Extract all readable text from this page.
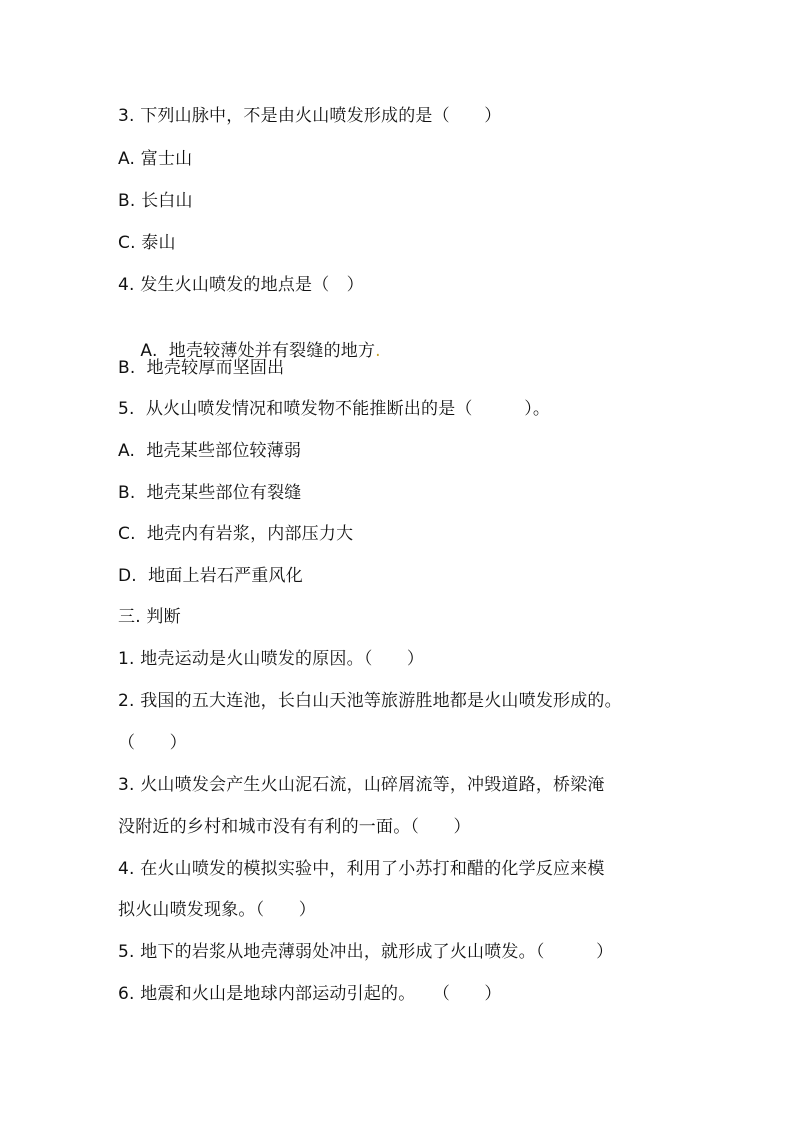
3. 下列山脉中，不是由火山喷发形成的是（　　）
A. 富士山
B. 长白山
C. 泰山
4. 发生火山喷发的地点是（　）

A.  地壳较薄处并有裂缝的地方.

B.  地壳较厚而坚固出
5.  从火山喷发情况和喷发物不能推断出的是（　　　）。
A.  地壳某些部位较薄弱
B.  地壳某些部位有裂缝
C.  地壳内有岩浆，内部压力大
D.  地面上岩石严重风化
三. 判断
1. 地壳运动是火山喷发的原因。（　　）
2. 我国的五大连池，长白山天池等旅游胜地都是火山喷发形成的。
（　　）
3. 火山喷发会产生火山泥石流，山碎屑流等，冲毁道路，桥梁淹
没附近的乡村和城市没有有利的一面。（　　）
4. 在火山喷发的模拟实验中，利用了小苏打和醋的化学反应来模
拟火山喷发现象。（　　）
5. 地下的岩浆从地壳薄弱处冲出，就形成了火山喷发。（　　　）
6. 地震和火山是地球内部运动引起的。　　（　　）
